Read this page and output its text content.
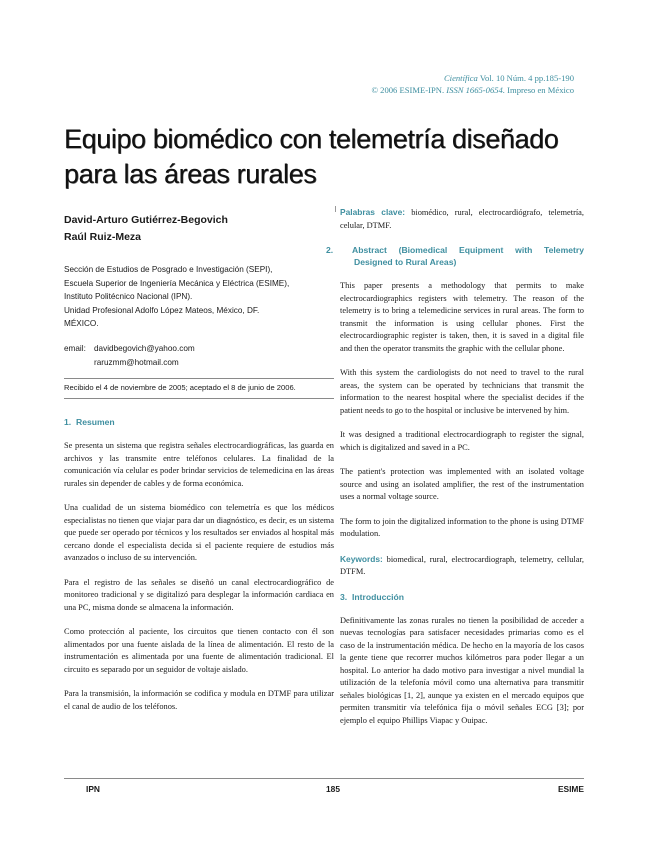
Científica Vol. 10 Núm. 4 pp.185-190
© 2006 ESIME-IPN. ISSN 1665-0654. Impreso en México
Equipo biomédico con telemetría diseñado
para las áreas rurales
David-Arturo Gutiérrez-Begovich
Raúl Ruiz-Meza
Sección de Estudios de Posgrado e Investigación (SEPI),
Escuela Superior de Ingeniería Mecánica y Eléctrica (ESIME),
Instituto Politécnico Nacional (IPN).
Unidad Profesional Adolfo López Mateos, México, DF.
MÉXICO.
email: davidbegovich@yahoo.com
raruzmm@hotmail.com
Recibido el 4 de noviembre de 2005; aceptado el 8 de junio de 2006.
1. Resumen

Se presenta un sistema que registra señales electrocardiográficas, las guarda en archivos y las transmite entre teléfonos celulares. La finalidad de la comunicación vía celular es poder brindar servicios de telemedicina en las áreas rurales sin depender de cables y de forma económica.

Una cualidad de un sistema biomédico con telemetría es que los médicos especialistas no tienen que viajar para dar un diagnóstico, es decir, es un sistema que puede ser operado por técnicos y los resultados ser enviados al hospital más cercano donde el especialista decida si el paciente requiere de estudios más avanzados o incluso de su intervención.

Para el registro de las señales se diseñó un canal electrocardiográfico de monitoreo tradicional y se digitalizó para desplegar la información cardiaca en una PC, misma donde se almacena la información.

Como protección al paciente, los circuitos que tienen contacto con él son alimentados por una fuente aislada de la línea de alimentación. El resto de la instrumentación es alimentada por una fuente de alimentación tradicional. El circuito es separado por un seguidor de voltaje aislado.

Para la transmisión, la información se codifica y modula en DTMF para utilizar el canal de audio de los teléfonos.

Palabras clave: biomédico, rural, electrocardiógrafo, telemetría, celular, DTMF.

2. Abstract (Biomedical Equipment with Telemetry Designed to Rural Areas)

This paper presents a methodology that permits to make electrocardiographics registers with telemetry. The reason of the telemetry is to bring a telemedicine services in rural areas. The form to transmit the information is using cellular phones. First the electrocardiographic register is taken, then, it is saved in a digital file and then the operator transmits the graphic with the cellular phone.

With this system the cardiologists do not need to travel to the rural areas, the system can be operated by technicians that transmit the information to the nearest hospital where the specialist decides if the patient needs to go to the hospital or inclusive be intervened by him.

It was designed a traditional electrocardiograph to register the signal, which is digitalized and saved in a PC.

The patient's protection was implemented with an isolated voltage source and using an isolated amplifier, the rest of the instrumentation uses a normal voltage source.

The form to join the digitalized information to the phone is using DTMF modulation.

Keywords: biomedical, rural, electrocardiograph, telemetry, cellular, DTFM.

3. Introducción

Definitivamente las zonas rurales no tienen la posibilidad de acceder a nuevas tecnologías para satisfacer necesidades primarias como es el caso de la instrumentación médica. De hecho en la mayoría de los casos la gente tiene que recorrer muchos kilómetros para poder llegar a un hospital. Lo anterior ha dado motivo para investigar a nivel mundial la utilización de la telefonía móvil como una alternativa para transmitir señales biológicas [1, 2], aunque ya existen en el mercado equipos que permiten transmitir vía telefónica fija o móvil señales ECG [3]; por ejemplo el equipo Phillips Viapac y Ouipac.

IPN	185	ESIME
